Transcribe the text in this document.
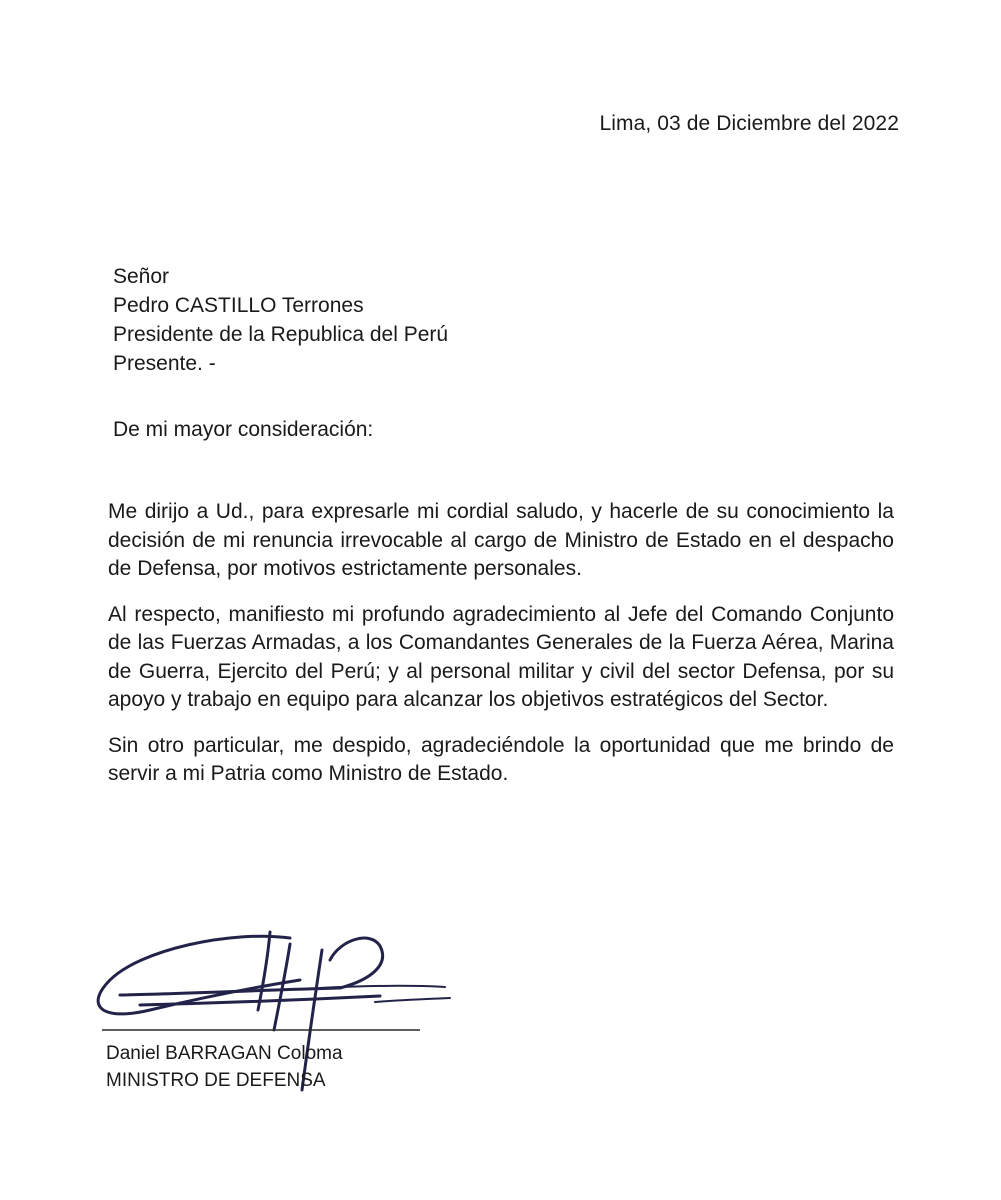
Lima, 03 de Diciembre del 2022
Señor
Pedro CASTILLO Terrones
Presidente de la Republica del Perú
Presente. -
De mi mayor consideración:

Me dirijo a Ud., para expresarle mi cordial saludo, y hacerle de su conocimiento la decisión de mi renuncia irrevocable al cargo de Ministro de Estado en el despacho de Defensa, por motivos estrictamente personales.

Al respecto, manifiesto mi profundo agradecimiento al Jefe del Comando Conjunto de las Fuerzas Armadas, a los Comandantes Generales de la Fuerza Aérea, Marina de Guerra, Ejercito del Perú; y al personal militar y civil del sector Defensa, por su apoyo y trabajo en equipo para alcanzar los objetivos estratégicos del Sector.

Sin otro particular, me despido, agradeciéndole la oportunidad que me brindo de servir a mi Patria como Ministro de Estado.

Daniel BARRAGAN Coloma
MINISTRO DE DEFENSA
